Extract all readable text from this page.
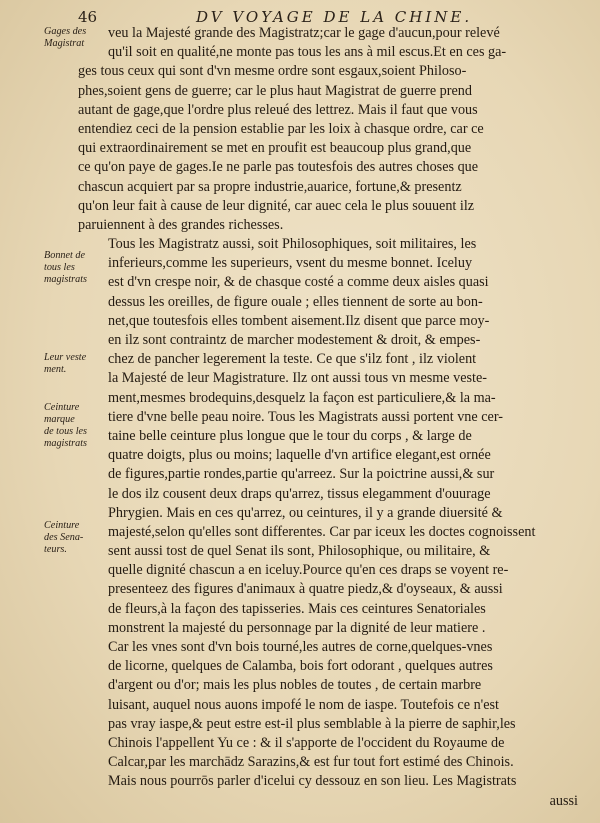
46	DV VOYAGE DE LA CHINE.
Gages des
Magistrat
Bonnet de
tous les
magistrats
Leur veste
ment.
Ceinture
marque
de tous les
magistrats
Ceinture
des Sena-
teurs.
veu la Majesté grande des Magistratz;car le gage d'aucun,pour relevé
qu'il soit en qualité,ne monte pas tous les ans à mil escus.Et en ces ga-
ges tous ceux qui sont d'vn mesme ordre sont esgaux,soient Philoso-
phes,soient gens de guerre; car le plus haut Magistrat de guerre prend
autant de gage,que l'ordre plus releué des lettrez. Mais il faut que vous
entendiez ceci de la pension establie par les loix à chasque ordre, car ce
qui extraordinairement se met en proufit est beaucoup plus grand,que
ce qu'on paye de gages.Ie ne parle pas toutesfois des autres choses que
chascun acquiert par sa propre industrie,auarice, fortune,& presentz
qu'on leur fait à cause de leur dignité, car auec cela le plus souuent ilz
paruiennent à des grandes richesses.
Tous les Magistratz aussi, soit Philosophiques, soit militaires, les
inferieurs,comme les superieurs, vsent du mesme bonnet. Iceluy
est d'vn crespe noir, & de chasque costé a comme deux aisles quasi
dessus les oreilles, de figure ouale ; elles tiennent de sorte au bon-
net,que toutesfois elles tombent aisement.Ilz disent que parce moy-
en ilz sont contraintz de marcher modestement & droit, & empes-
chez de pancher legerement la teste. Ce que s'ilz font , ilz violent
la Majesté de leur Magistrature. Ilz ont aussi tous vn mesme veste-
ment,mesmes brodequins,desquelz la façon est particuliere,& la ma-
tiere d'vne belle peau noire. Tous les Magistrats aussi portent vne cer-
taine belle ceinture plus longue que le tour du corps , & large de
quatre doigts, plus ou moins; laquelle d'vn artifice elegant,est ornée
de figures,partie rondes,partie qu'arreez. Sur la poictrine aussi,& sur
le dos ilz cousent deux draps qu'arrez, tissus elegamment d'ouurage
Phrygien. Mais en ces qu'arrez, ou ceintures, il y a grande diuersité &
majesté,selon qu'elles sont differentes. Car par iceux les doctes cognoissent
sent aussi tost de quel Senat ils sont, Philosophique, ou militaire, &
quelle dignité chascun a en iceluy.Pource qu'en ces draps se voyent re-
presenteez des figures d'animaux à quatre piedz,& d'oyseaux, & aussi
de fleurs,à la façon des tapisseries. Mais ces ceintures Senatoriales
monstrent la majesté du personnage par la dignité de leur matiere .
Car les vnes sont d'vn bois tourné,les autres de corne,quelques-vnes
de licorne, quelques de Calamba, bois fort odorant , quelques autres
d'argent ou d'or; mais les plus nobles de toutes , de certain marbre
luisant, auquel nous auons impofé le nom de iaspe. Toutefois ce n'est
pas vray iaspe,& peut estre est-il plus semblable à la pierre de saphir,les
Chinois l'appellent Yu ce : & il s'apporte de l'occident du Royaume de
Calcar,par les marchādz Sarazins,& est fur tout fort estimé des Chinois.
Mais nous pourrōs parler d'icelui cy dessouz en son lieu. Les Magistrats
aussi
